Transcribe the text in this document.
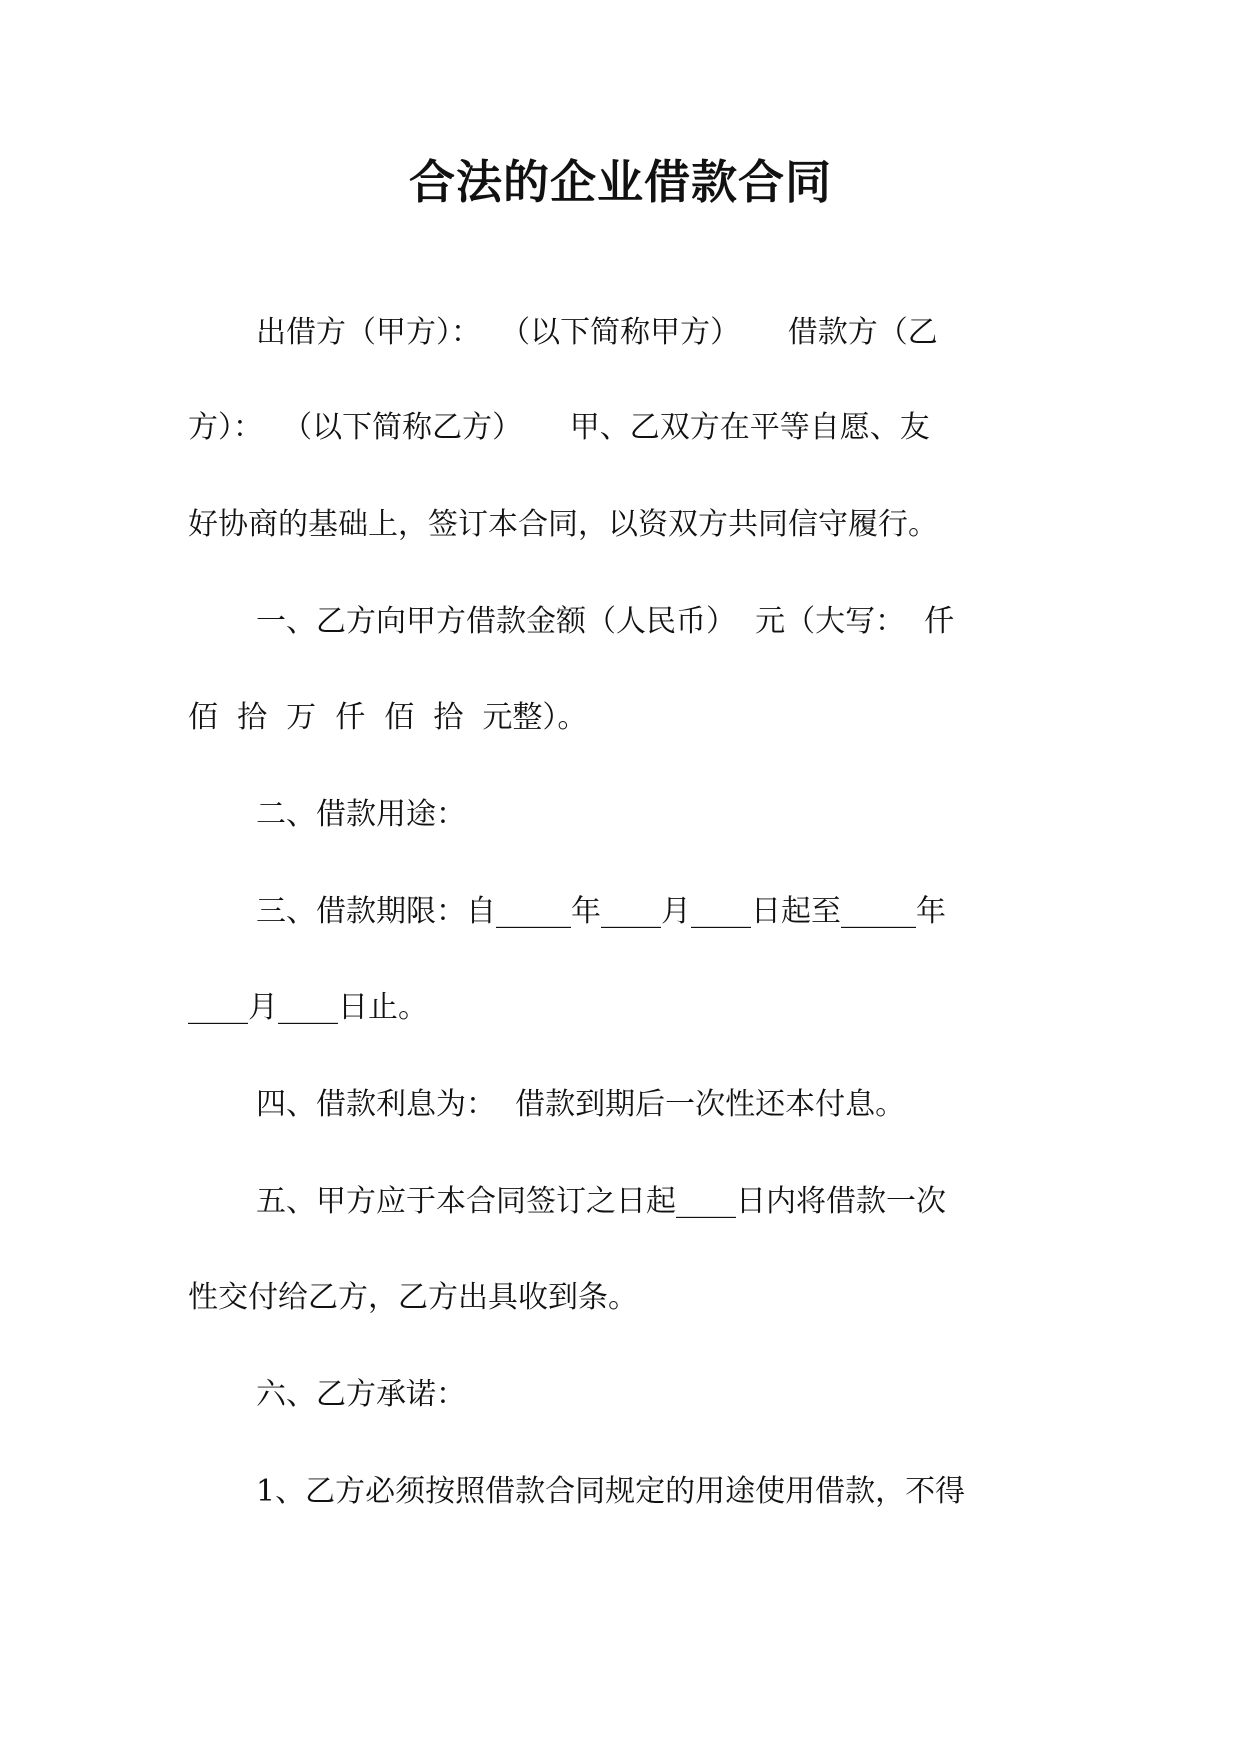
合法的企业借款合同

出借方（甲方）：  （以下简称甲方）     借款方（乙

方）：  （以下简称乙方）     甲、乙双方在平等自愿、友

好协商的基础上，签订本合同，以资双方共同信守履行。

一、乙方向甲方借款金额（人民币）  元（大写：  仟

佰  拾  万  仟  佰  拾  元整）。

二、借款用途：

三、借款期限：自_____年____月____日起至_____年

____月____日止。

四、借款利息为：  借款到期后一次性还本付息。

五、甲方应于本合同签订之日起____日内将借款一次

性交付给乙方，乙方出具收到条。

六、乙方承诺：

1、乙方必须按照借款合同规定的用途使用借款，不得
